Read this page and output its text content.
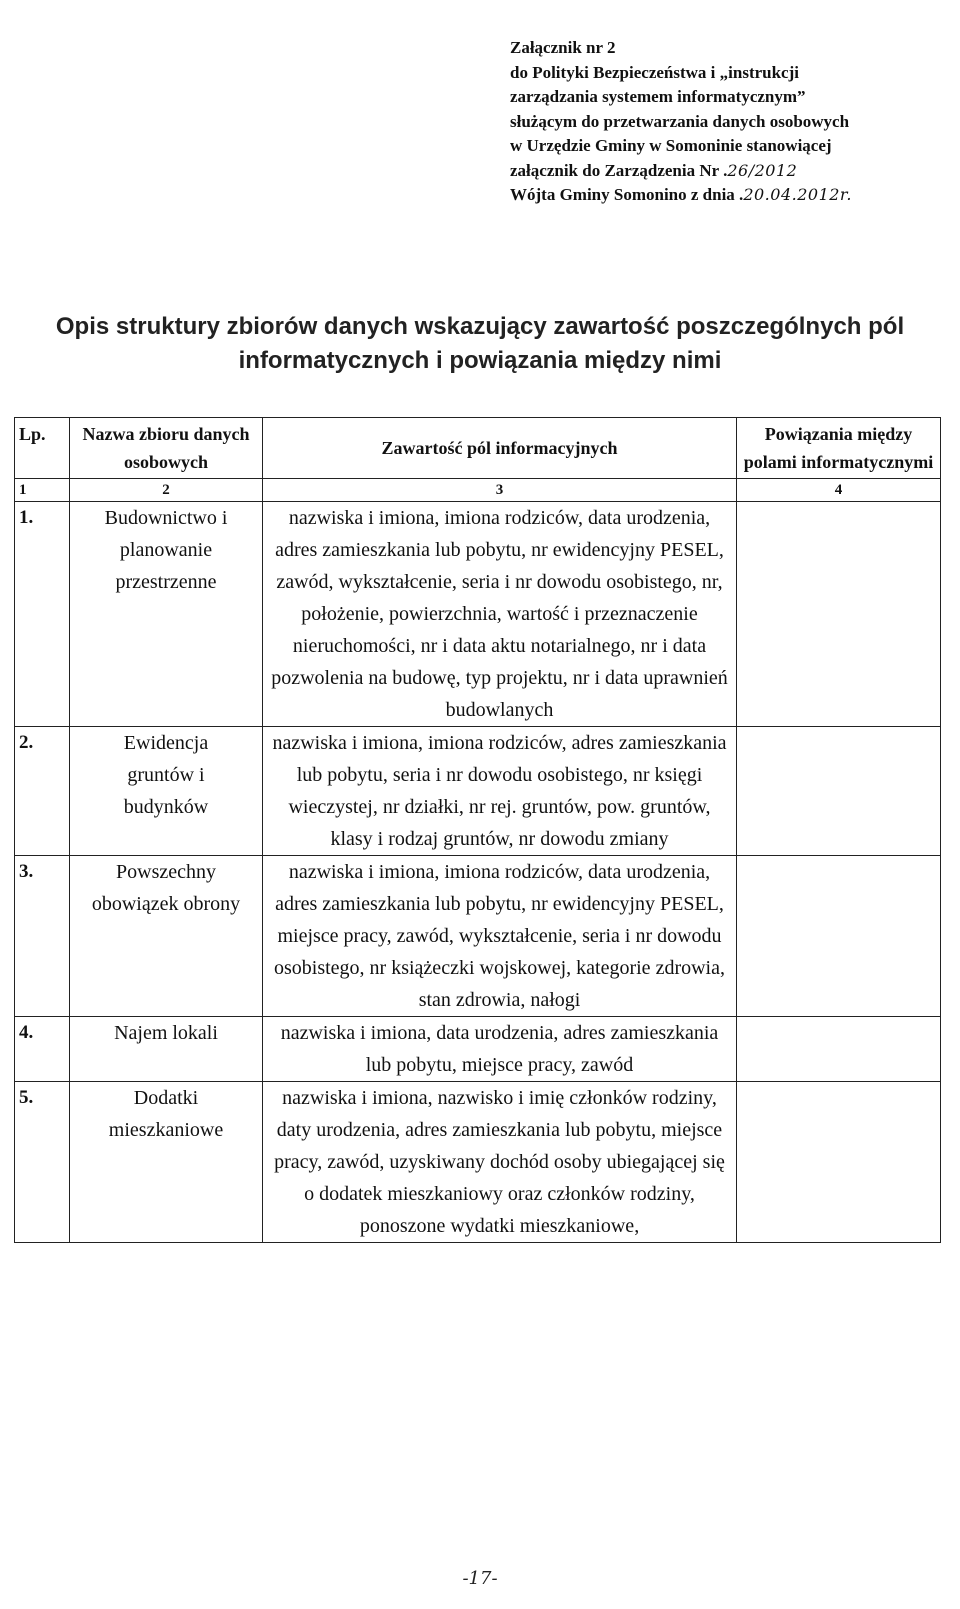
Załącznik nr 2
do Polityki Bezpieczeństwa i „instrukcji
zarządzania systemem informatycznym”
służącym do przetwarzania danych osobowych
w Urzędzie Gminy w Somoninie stanowiącej
załącznik do Zarządzenia Nr .26/2012
Wójta Gminy Somonino z dnia .20.04.2012r.
Opis struktury zbiorów danych wskazujący zawartość poszczególnych pól
informatycznych i powiązania między nimi
Lp.	Nazwa zbioru danych osobowych	Zawartość pól informacyjnych	Powiązania między polami informatycznymi
1	2	3	4
1.	Budownictwo i planowanie przestrzenne	nazwiska i imiona, imiona rodziców, data urodzenia, adres zamieszkania lub pobytu, nr ewidencyjny PESEL, zawód, wykształcenie, seria i nr dowodu osobistego, nr, położenie, powierzchnia, wartość i przeznaczenie nieruchomości, nr i data aktu notarialnego, nr i data pozwolenia na budowę, typ projektu, nr i data uprawnień budowlanych	
2.	Ewidencja gruntów i budynków	nazwiska i imiona, imiona rodziców, adres zamieszkania lub pobytu, seria i nr dowodu osobistego, nr księgi wieczystej, nr działki, nr rej. gruntów, pow. gruntów, klasy i rodzaj gruntów, nr dowodu zmiany	
3.	Powszechny obowiązek obrony	nazwiska i imiona, imiona rodziców, data urodzenia, adres zamieszkania lub pobytu, nr ewidencyjny PESEL, miejsce pracy, zawód, wykształcenie, seria i nr dowodu osobistego, nr książeczki wojskowej, kategorie zdrowia, stan zdrowia, nałogi	
4.	Najem lokali	nazwiska i imiona, data urodzenia, adres zamieszkania lub pobytu, miejsce pracy, zawód	
5.	Dodatki mieszkaniowe	nazwiska i imiona, nazwisko i imię członków rodziny, daty urodzenia, adres zamieszkania lub pobytu, miejsce pracy, zawód, uzyskiwany dochód osoby ubiegającej się o dodatek mieszkaniowy oraz członków rodziny, ponoszone wydatki mieszkaniowe,	
-17-
